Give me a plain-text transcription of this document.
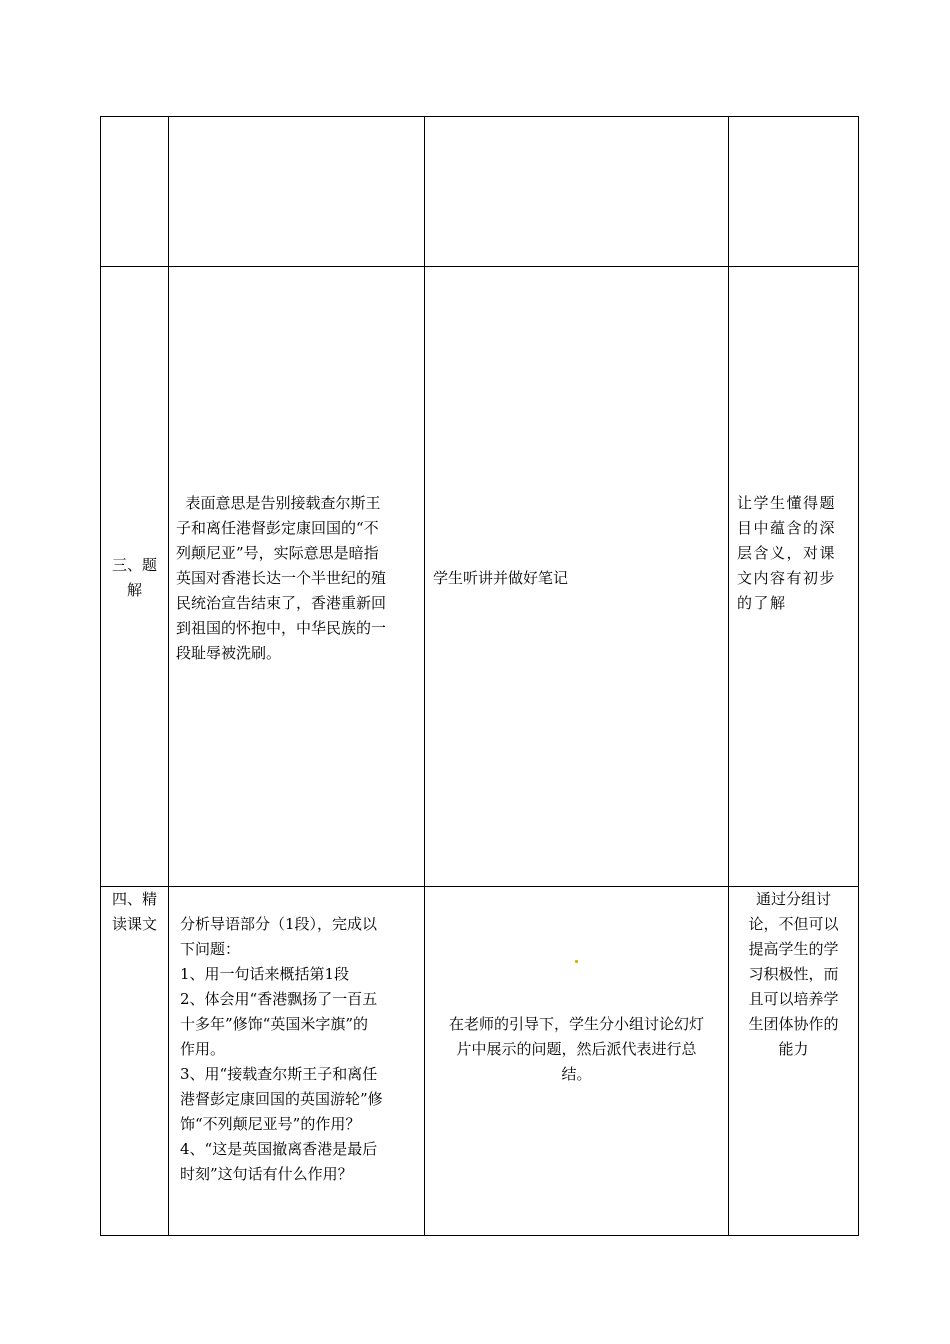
三、题
解
表面意思是告别接载查尔斯王
子和离任港督彭定康回国的“不
列颠尼亚”号，实际意思是暗指
英国对香港长达一个半世纪的殖
民统治宣告结束了，香港重新回
到祖国的怀抱中，中华民族的一
段耻辱被洗刷。
学生听讲并做好笔记
让学生懂得题
目中蕴含的深
层含义，对课
文内容有初步
的了解
四、精
读课文	分析导语部分（1段），完成以
下问题：
1、用一句话来概括第1段
2、体会用“香港飘扬了一百五
十多年”修饰“英国米字旗”的
作用。
3、用“接载查尔斯王子和离任
港督彭定康回国的英国游轮”修
饰“不列颠尼亚号”的作用？
4、“这是英国撤离香港是最后
时刻”这句话有什么作用？
在老师的引导下，学生分小组讨论幻灯
片中展示的问题，然后派代表进行总
结。
通过分组讨
论，不但可以
提高学生的学
习积极性，而
且可以培养学
生团体协作的
能力
